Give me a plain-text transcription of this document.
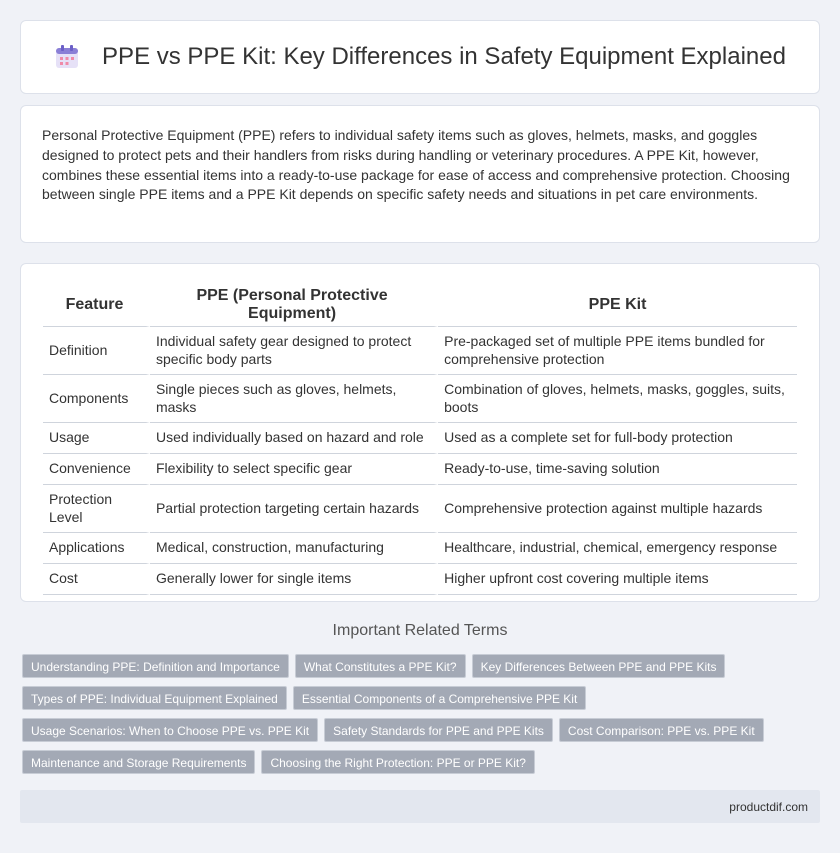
PPE vs PPE Kit: Key Differences in Safety Equipment Explained

Personal Protective Equipment (PPE) refers to individual safety items such as gloves, helmets, masks, and goggles designed to protect pets and their handlers from risks during handling or veterinary procedures. A PPE Kit, however, combines these essential items into a ready-to-use package for ease of access and comprehensive protection. Choosing between single PPE items and a PPE Kit depends on specific safety needs and situations in pet care environments.

Feature	PPE (Personal Protective Equipment)	PPE Kit
Definition	Individual safety gear designed to protect specific body parts	Pre-packaged set of multiple PPE items bundled for comprehensive protection
Components	Single pieces such as gloves, helmets, masks	Combination of gloves, helmets, masks, goggles, suits, boots
Usage	Used individually based on hazard and role	Used as a complete set for full-body protection
Convenience	Flexibility to select specific gear	Ready-to-use, time-saving solution
Protection Level	Partial protection targeting certain hazards	Comprehensive protection against multiple hazards
Applications	Medical, construction, manufacturing	Healthcare, industrial, chemical, emergency response
Cost	Generally lower for single items	Higher upfront cost covering multiple items
Important Related Terms
Understanding PPE: Definition and Importance	What Constitutes a PPE Kit?	Key Differences Between PPE and PPE Kits
Types of PPE: Individual Equipment Explained	Essential Components of a Comprehensive PPE Kit
Usage Scenarios: When to Choose PPE vs. PPE Kit	Safety Standards for PPE and PPE Kits	Cost Comparison: PPE vs. PPE Kit
Maintenance and Storage Requirements	Choosing the Right Protection: PPE or PPE Kit?
productdif.com
